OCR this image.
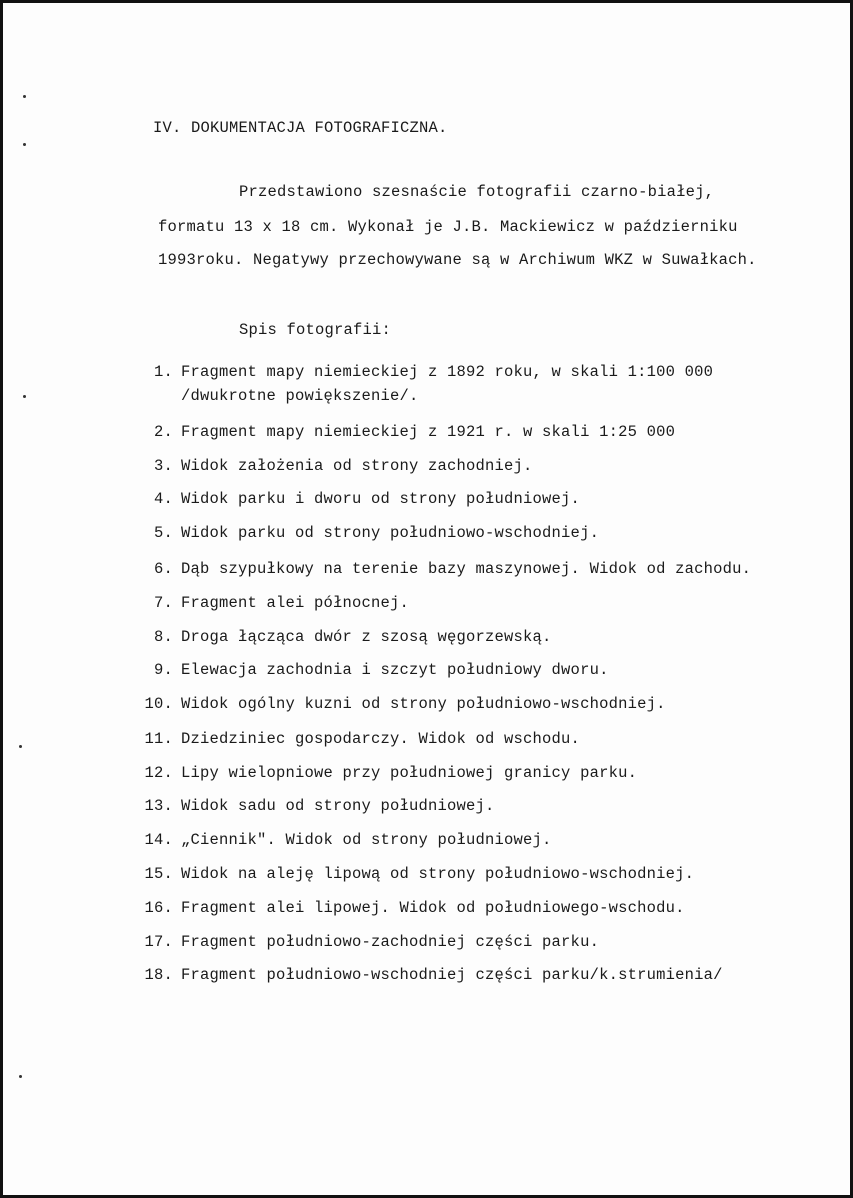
IV. DOKUMENTACJA FOTOGRAFICZNA.

Przedstawiono szesnaście fotografii czarno-białej,

formatu 13 x 18 cm. Wykonał je J.B. Mackiewicz w październiku

1993roku. Negatywy przechowywane są w Archiwum WKZ w Suwałkach.

Spis fotografii:

1. Fragment mapy niemieckiej z 1892 roku, w skali 1:100 000
/dwukrotne powiększenie/.
2. Fragment mapy niemieckiej z 1921 r. w skali 1:25 000
3. Widok założenia od strony zachodniej.
4. Widok parku i dworu od strony południowej.
5. Widok parku od strony południowo-wschodniej.
6. Dąb szypułkowy na terenie bazy maszynowej. Widok od zachodu.
7. Fragment alei północnej.
8. Droga łącząca dwór z szosą węgorzewską.
9. Elewacja zachodnia i szczyt południowy dworu.
10. Widok ogólny kuzni od strony południowo-wschodniej.
11. Dziedziniec gospodarczy. Widok od wschodu.
12. Lipy wielopniowe przy południowej granicy parku.
13. Widok sadu od strony południowej.
14. „Ciennik". Widok od strony południowej.
15. Widok na aleję lipową od strony południowo-wschodniej.
16. Fragment alei lipowej. Widok od południowego-wschodu.
17. Fragment południowo-zachodniej części parku.
18. Fragment południowo-wschodniej części parku/k.strumienia/
